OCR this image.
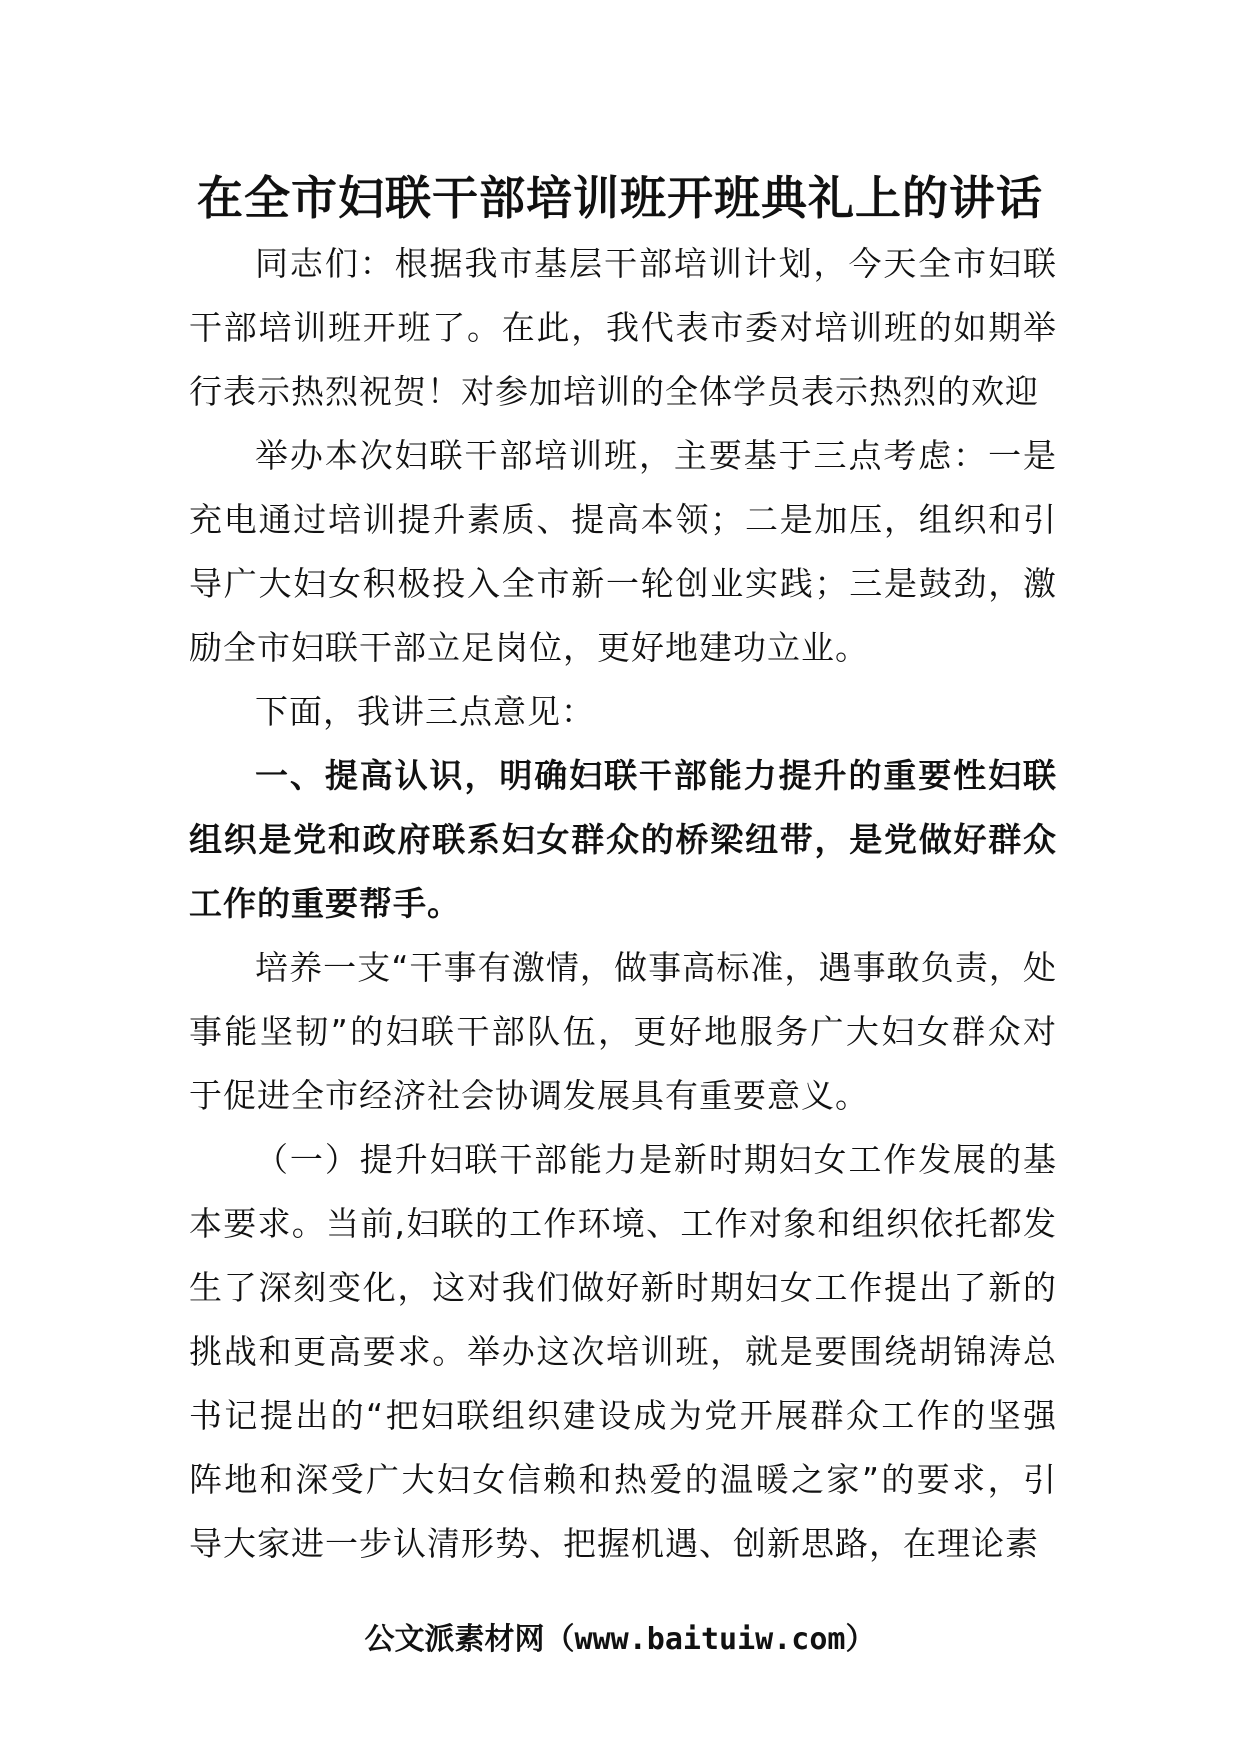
在全市妇联干部培训班开班典礼上的讲话

同志们：根据我市基层干部培训计划，今天全市妇联干部培训班开班了。在此，我代表市委对培训班的如期举行表示热烈祝贺！对参加培训的全体学员表示热烈的欢迎

举办本次妇联干部培训班，主要基于三点考虑：一是充电通过培训提升素质、提高本领；二是加压，组织和引导广大妇女积极投入全市新一轮创业实践；三是鼓劲，激励全市妇联干部立足岗位，更好地建功立业。

下面，我讲三点意见：

一、提高认识，明确妇联干部能力提升的重要性妇联组织是党和政府联系妇女群众的桥梁纽带，是党做好群众工作的重要帮手。

培养一支“干事有激情，做事高标准，遇事敢负责，处事能坚韧”的妇联干部队伍，更好地服务广大妇女群众对于促进全市经济社会协调发展具有重要意义。

（一）提升妇联干部能力是新时期妇女工作发展的基本要求。当前,妇联的工作环境、工作对象和组织依托都发生了深刻变化，这对我们做好新时期妇女工作提出了新的挑战和更高要求。举办这次培训班，就是要围绕胡锦涛总书记提出的“把妇联组织建设成为党开展群众工作的坚强阵地和深受广大妇女信赖和热爱的温暖之家”的要求，引导大家进一步认清形势、把握机遇、创新思路，在理论素

公文派素材网（www.baituiw.com）
